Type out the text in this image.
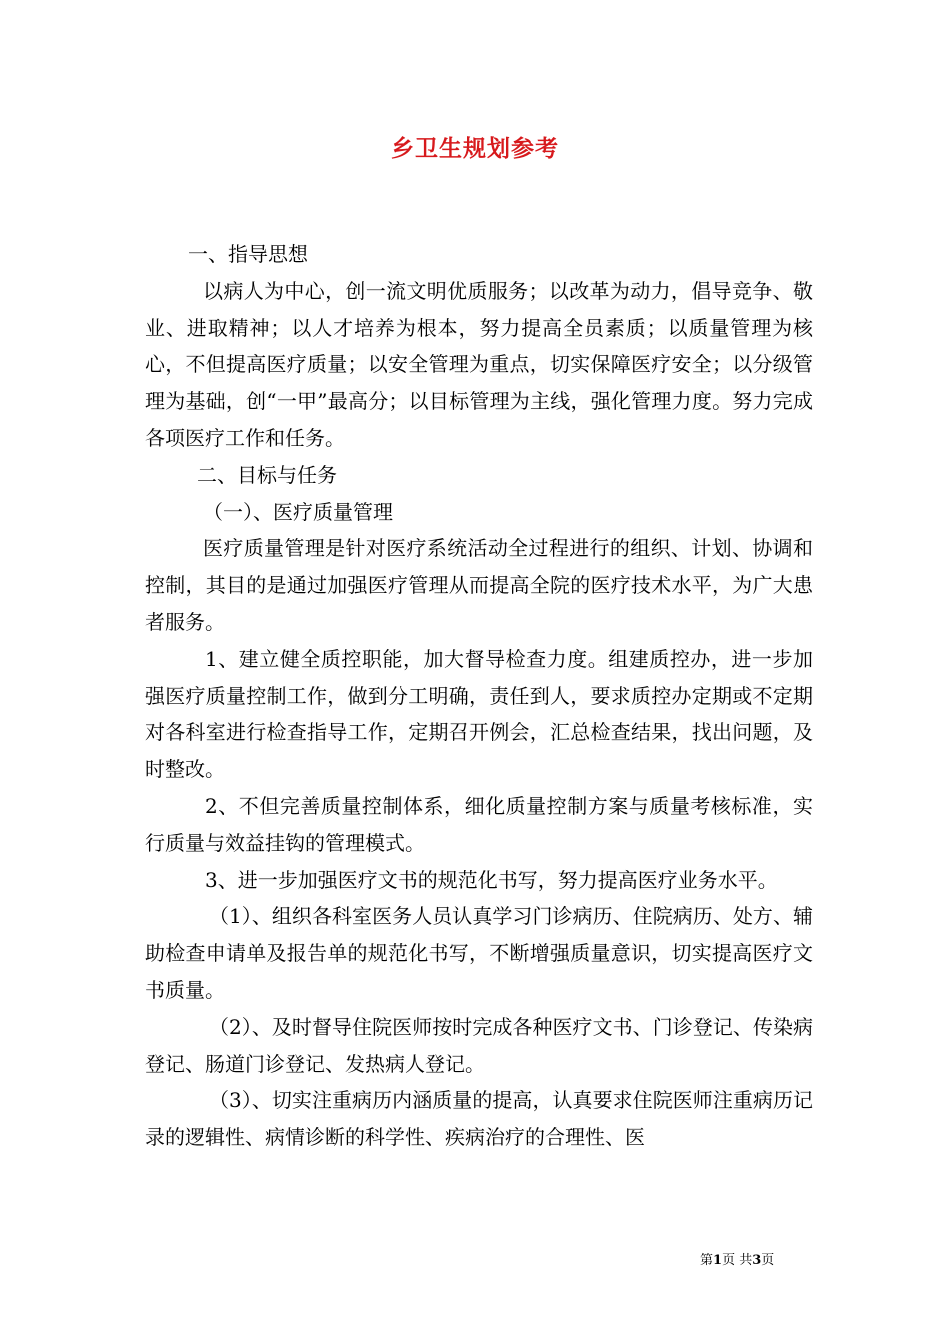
乡卫生规划参考

一、指导思想

以病人为中心，创一流文明优质服务；以改革为动力，倡导竞争、敬业、进取精神；以人才培养为根本，努力提高全员素质；以质量管理为核心，不但提高医疗质量；以安全管理为重点，切实保障医疗安全；以分级管理为基础，创“一甲”最高分；以目标管理为主线，强化管理力度。努力完成各项医疗工作和任务。

二、目标与任务

（一）、医疗质量管理

医疗质量管理是针对医疗系统活动全过程进行的组织、计划、协调和控制，其目的是通过加强医疗管理从而提高全院的医疗技术水平，为广大患者服务。

1、建立健全质控职能，加大督导检查力度。组建质控办，进一步加强医疗质量控制工作，做到分工明确，责任到人，要求质控办定期或不定期对各科室进行检查指导工作，定期召开例会，汇总检查结果，找出问题，及时整改。

2、不但完善质量控制体系，细化质量控制方案与质量考核标准，实行质量与效益挂钩的管理模式。

3、进一步加强医疗文书的规范化书写，努力提高医疗业务水平。

（1）、组织各科室医务人员认真学习门诊病历、住院病历、处方、辅助检查申请单及报告单的规范化书写，不断增强质量意识，切实提高医疗文书质量。

（2）、及时督导住院医师按时完成各种医疗文书、门诊登记、传染病登记、肠道门诊登记、发热病人登记。

（3）、切实注重病历内涵质量的提高，认真要求住院医师注重病历记录的逻辑性、病情诊断的科学性、疾病治疗的合理性、医

第1页 共3页
